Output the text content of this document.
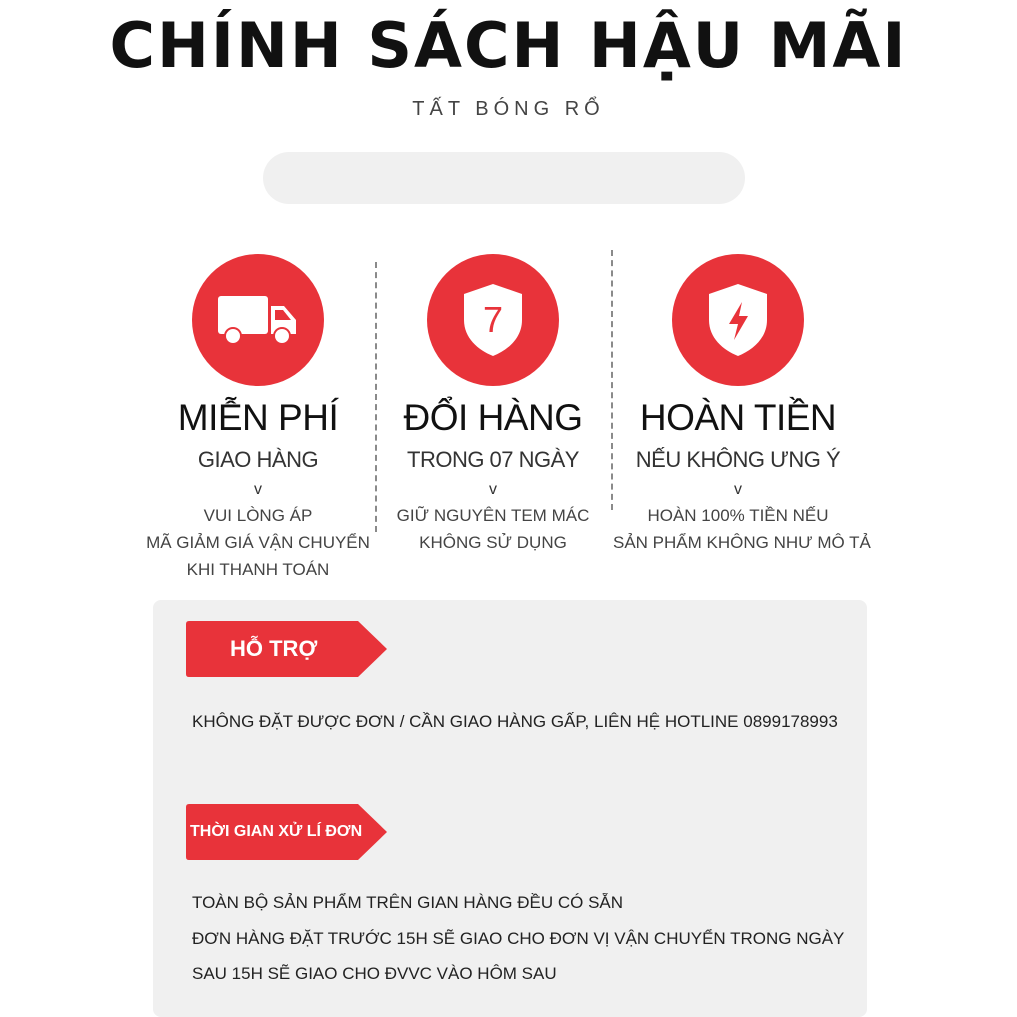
CHÍNH SÁCH HẬU MÃI
TẤT BÓNG RỔ
MIỄN PHÍ
GIAO HÀNG
v
VUI LÒNG ÁP
MÃ GIẢM GIÁ VẬN CHUYỂN
KHI THANH TOÁN
7
ĐỔI HÀNG
TRONG 07 NGÀY
v
GIỮ NGUYÊN TEM MÁC
KHÔNG SỬ DỤNG
HOÀN TIỀN
NẾU KHÔNG ƯNG Ý
v
HOÀN 100% TIỀN NẾU
SẢN PHẨM KHÔNG NHƯ MÔ TẢ
HỖ TRỢ
KHÔNG ĐẶT ĐƯỢC ĐƠN / CẦN GIAO HÀNG GẤP, LIÊN HỆ HOTLINE 0899178993
THỜI GIAN XỬ LÍ ĐƠN
TOÀN BỘ SẢN PHẨM TRÊN GIAN HÀNG ĐỀU CÓ SẴN
ĐƠN HÀNG ĐẶT TRƯỚC 15H SẼ GIAO CHO ĐƠN VỊ VẬN CHUYỂN TRONG NGÀY
SAU 15H SẼ GIAO CHO ĐVVC VÀO HÔM SAU
